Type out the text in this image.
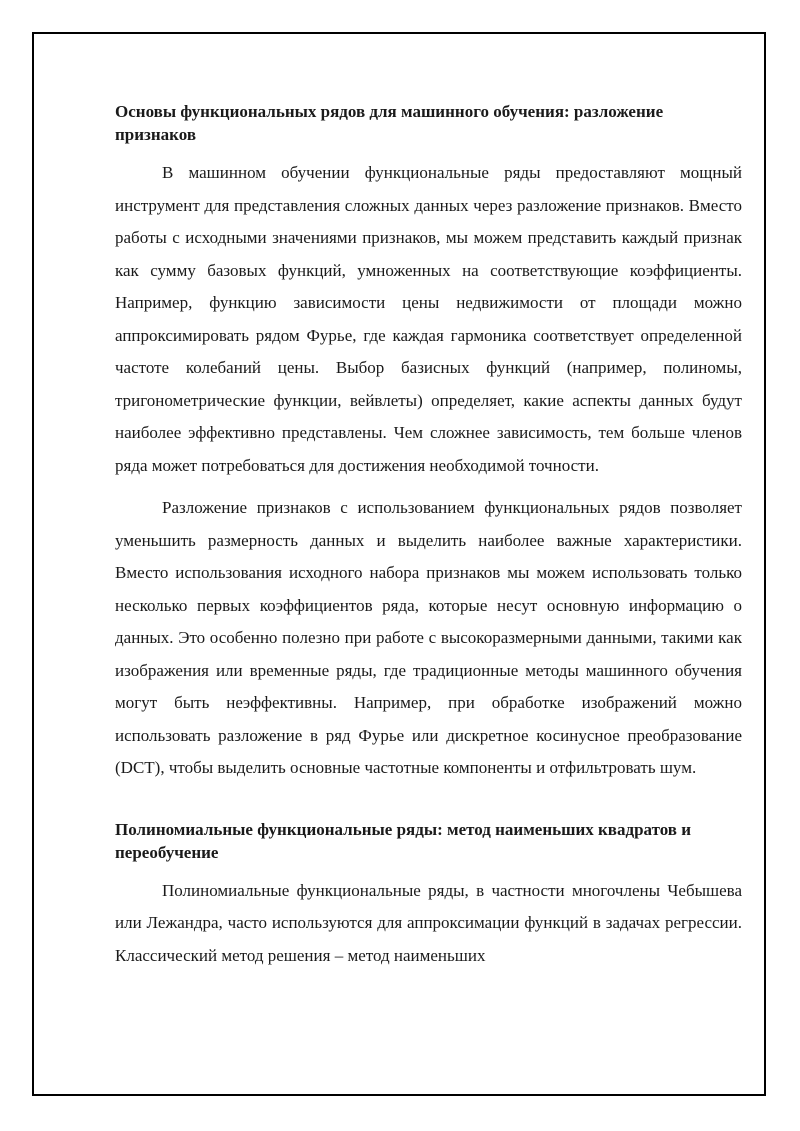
Основы функциональных рядов для машинного обучения: разложение признаков

В машинном обучении функциональные ряды предоставляют мощный инструмент для представления сложных данных через разложение признаков. Вместо работы с исходными значениями признаков, мы можем представить каждый признак как сумму базовых функций, умноженных на соответствующие коэффициенты. Например, функцию зависимости цены недвижимости от площади можно аппроксимировать рядом Фурье, где каждая гармоника соответствует определенной частоте колебаний цены. Выбор базисных функций (например, полиномы, тригонометрические функции, вейвлеты) определяет, какие аспекты данных будут наиболее эффективно представлены. Чем сложнее зависимость, тем больше членов ряда может потребоваться для достижения необходимой точности.

Разложение признаков с использованием функциональных рядов позволяет уменьшить размерность данных и выделить наиболее важные характеристики. Вместо использования исходного набора признаков мы можем использовать только несколько первых коэффициентов ряда, которые несут основную информацию о данных. Это особенно полезно при работе с высокоразмерными данными, такими как изображения или временные ряды, где традиционные методы машинного обучения могут быть неэффективны. Например, при обработке изображений можно использовать разложение в ряд Фурье или дискретное косинусное преобразование (DCT), чтобы выделить основные частотные компоненты и отфильтровать шум.

Полиномиальные функциональные ряды: метод наименьших квадратов и переобучение

Полиномиальные функциональные ряды, в частности многочлены Чебышева или Лежандра, часто используются для аппроксимации функций в задачах регрессии. Классический метод решения – метод наименьших
